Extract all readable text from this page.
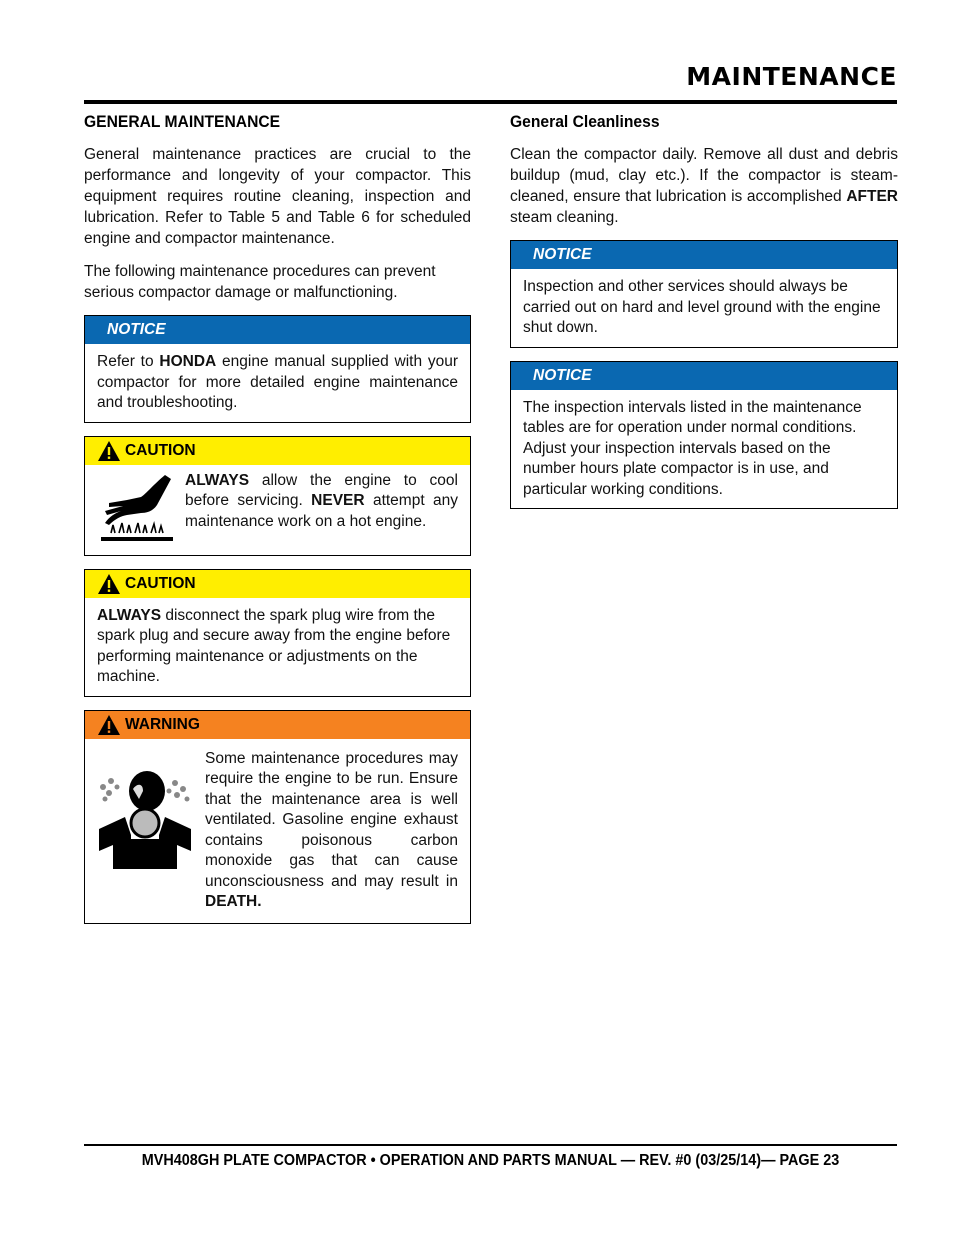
MAINTENANCE
GENERAL MAINTENANCE

General maintenance practices are crucial to the performance and longevity of your compactor. This equipment requires routine cleaning, inspection and lubrication. Refer to Table 5 and Table 6 for scheduled engine and compactor maintenance.

The following maintenance procedures can prevent serious compactor damage or malfunctioning.

NOTICE
Refer to HONDA engine manual supplied with your compactor for more detailed engine maintenance and troubleshooting.
CAUTION
ALWAYS allow the engine to cool before servicing. NEVER attempt any maintenance work on a hot engine.
CAUTION
ALWAYS disconnect the spark plug wire from the spark plug and secure away from the engine before performing maintenance or adjustments on the machine.
WARNING
Some maintenance procedures may require the engine to be run. Ensure that the maintenance area is well ventilated. Gasoline engine exhaust contains poisonous carbon monoxide gas that can cause unconsciousness and may result in DEATH.
General Cleanliness

Clean the compactor daily. Remove all dust and debris buildup (mud, clay etc.). If the compactor is steam-cleaned, ensure that lubrication is accomplished AFTER steam cleaning.

NOTICE
Inspection and other services should always be carried out on hard and level ground with the engine shut down.
NOTICE
The inspection intervals listed in the maintenance tables are for operation under normal conditions. Adjust your inspection intervals based on the number hours plate compactor is in use, and particular working conditions.
MVH408GH PLATE COMPACTOR • OPERATION AND PARTS MANUAL — REV. #0 (03/25/14)— PAGE 23
